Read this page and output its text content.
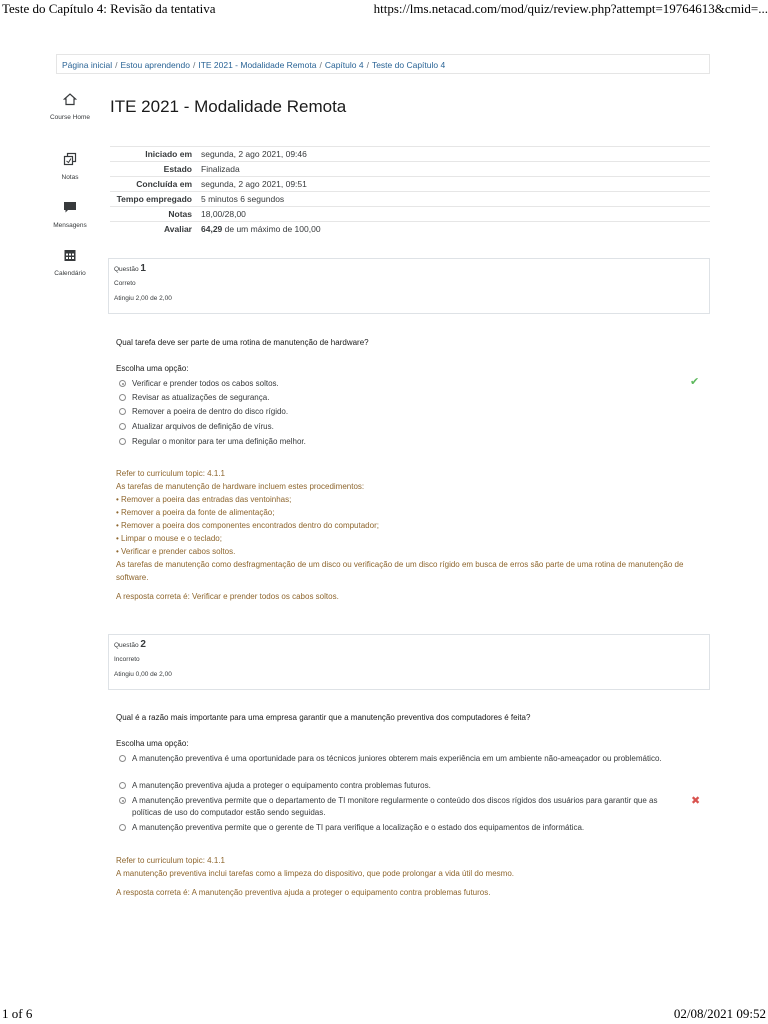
Teste do Capítulo 4: Revisão da tentativa	https://lms.netacad.com/mod/quiz/review.php?attempt=19764613&cmid=...
Página inicial / Estou aprendendo / ITE 2021 - Modalidade Remota / Capítulo 4 / Teste do Capítulo 4
Course Home
Notas
Mensagens
Calendário
ITE 2021 - Modalidade Remota
Iniciado em	segunda, 2 ago 2021, 09:46
Estado	Finalizada
Concluída em	segunda, 2 ago 2021, 09:51
Tempo empregado	5 minutos 6 segundos
Notas	18,00/28,00
Avaliar	64,29 de um máximo de 100,00
Questão 1
Correto
Atingiu 2,00 de 2,00
Qual tarefa deve ser parte de uma rotina de manutenção de hardware?
Escolha uma opção:
Verificar e prender todos os cabos soltos.
Revisar as atualizações de segurança.
Remover a poeira de dentro do disco rígido.
Atualizar arquivos de definição de vírus.
Regular o monitor para ter uma definição melhor.
✔
Refer to curriculum topic: 4.1.1
As tarefas de manutenção de hardware incluem estes procedimentos:
• Remover a poeira das entradas das ventoinhas;
• Remover a poeira da fonte de alimentação;
• Remover a poeira dos componentes encontrados dentro do computador;
• Limpar o mouse e o teclado;
• Verificar e prender cabos soltos.
As tarefas de manutenção como desfragmentação de um disco ou verificação de um disco rígido em busca de erros são parte de uma rotina de manutenção de software.
A resposta correta é: Verificar e prender todos os cabos soltos.
Questão 2
Incorreto
Atingiu 0,00 de 2,00
Qual é a razão mais importante para uma empresa garantir que a manutenção preventiva dos computadores é feita?
Escolha uma opção:
A manutenção preventiva é uma oportunidade para os técnicos juniores obterem mais experiência em um ambiente não-ameaçador ou problemático.
A manutenção preventiva ajuda a proteger o equipamento contra problemas futuros.
A manutenção preventiva permite que o departamento de TI monitore regularmente o conteúdo dos discos rígidos dos usuários para garantir que as políticas de uso do computador estão sendo seguidas.
A manutenção preventiva permite que o gerente de TI para verifique a localização e o estado dos equipamentos de informática.
✖
Refer to curriculum topic: 4.1.1
A manutenção preventiva inclui tarefas como a limpeza do dispositivo, que pode prolongar a vida útil do mesmo.
A resposta correta é: A manutenção preventiva ajuda a proteger o equipamento contra problemas futuros.
1 of 6	02/08/2021 09:52
